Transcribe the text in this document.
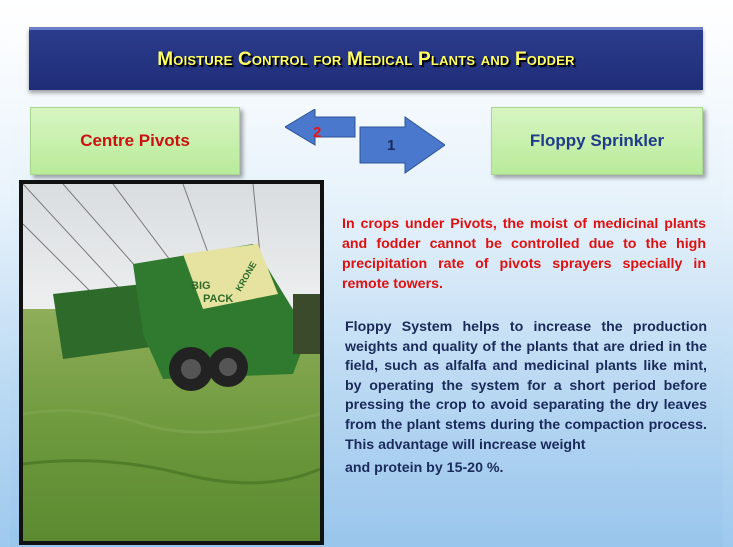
Moisture Control for Medical Plants and Fodder
Centre Pivots	2
1	Floppy Sprinkler
BIG
PACK
KRONE
In crops under Pivots, the moist of medicinal plants and fodder cannot be controlled due to the high precipitation rate of pivots sprayers specially in remote towers.
Floppy System helps to increase the production weights and quality of the plants that are dried in the field, such as alfalfa and medicinal plants like mint, by operating the system for a short period before pressing the crop to avoid separating the dry leaves from the plant stems during the compaction process. This advantage will increase weight
and protein by 15-20 %.
